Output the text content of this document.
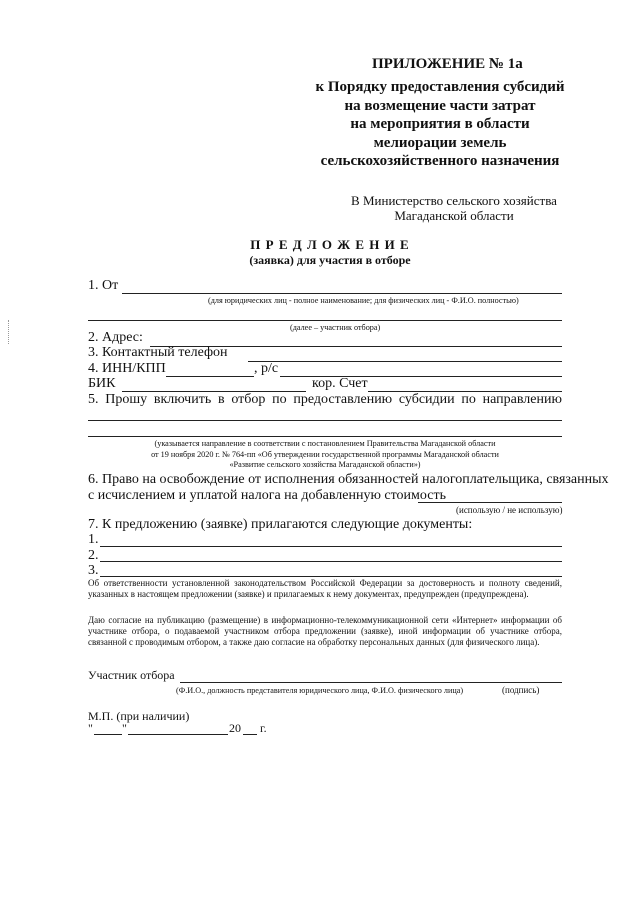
ПРИЛОЖЕНИЕ № 1а
к Порядку предоставления субсидий
на возмещение части затрат
на мероприятия в области
мелиорации земель
сельскохозяйственного назначения
В Министерство сельского хозяйства
Магаданской области
П Р Е Д Л О Ж Е Н И Е
(заявка) для участия в отборе
1. От
(для юридических лиц - полное наименование; для физических лиц - Ф.И.О. полностью)
(далее – участник отбора)
2. Адрес:
3. Контактный телефон
4. ИНН/КПП	, р/с
БИК	кор. Счет
5. Прошу включить в отбор по предоставлению субсидии по направлению
(указывается направление в соответствии с постановлением Правительства Магаданской области
от 19 ноября 2020 г. № 764-пп «Об утверждении государственной программы Магаданской области
«Развитие сельского хозяйства Магаданской области»)
6. Право на освобождение от исполнения обязанностей налогоплательщика, связанных
с исчислением и уплатой налога на добавленную стоимость
(использую / не использую)
7. К предложению (заявке) прилагаются следующие документы:
1.
2.
3.
Об ответственности установленной законодательством Российской Федерации за достоверность и полноту сведений, указанных в настоящем предложении (заявке) и прилагаемых к нему документах, предупрежден (предупреждена).
Даю согласие на публикацию (размещение) в информационно-телекоммуникационной сети «Интернет» информации об участнике отбора, о подаваемой участником отбора предложении (заявке), иной информации об участнике отбора, связанной с проводимым отбором, а также даю согласие на обработку персональных данных (для физического лица).
Участник отбора
(Ф.И.О., должность представителя юридического лица, Ф.И.О. физического лица)	(подпись)
М.П. (при наличии)
" "	20 г.
